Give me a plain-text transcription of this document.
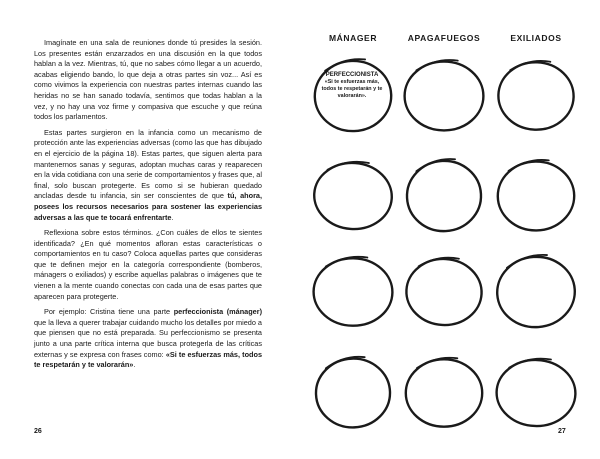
Imagínate en una sala de reuniones donde tú presides la sesión. Los presentes están enzarzados en una discusión en la que todos hablan a la vez. Mientras, tú, que no sabes cómo llegar a un acuerdo, acabas eligiendo bando, lo que deja a otras partes sin voz... Así es como vivimos la experiencia con nuestras partes internas cuando las heridas no se han sanado todavía, sentimos que todas hablan a la vez, y no hay una voz firme y compasiva que escuche y que reúna todos los parlamentos.

Estas partes surgieron en la infancia como un mecanismo de protección ante las experiencias adversas (como las que has dibujado en el ejercicio de la página 18). Estas partes, que siguen alerta para mantenernos sanas y seguras, adoptan muchas caras y reaparecen en la vida cotidiana con una serie de comportamientos y frases que, al final, solo buscan protegerte. Es como si se hubieran quedado ancladas desde tu infancia, sin ser conscientes de que tú, ahora, posees los recursos necesarios para sostener las experiencias adversas a las que te tocará enfrentarte.

Reflexiona sobre estos términos. ¿Con cuáles de ellos te sientes identificada? ¿En qué momentos afloran estas características o comportamientos en tu caso? Coloca aquellas partes que consideras que te definen mejor en la categoría correspondiente (bomberos, mánagers o exiliados) y escribe aquellas palabras o imágenes que te vienen a la mente cuando conectas con cada una de esas partes que aparecen para protegerte.

Por ejemplo: Cristina tiene una parte perfeccionista (mánager) que la lleva a querer trabajar cuidando mucho los detalles por miedo a que piensen que no está preparada. Su perfeccionismo se presenta junto a una parte crítica interna que busca protegerla de las críticas externas y se expresa con frases como: «Si te esfuerzas más, todos te respetarán y te valorarán».

26
MÁNAGER	APAGAFUEGOS	EXILIADOS
PERFECCIONISTA
«Si te esfuerzas más, todos te respetarán y te valorarán».
27
